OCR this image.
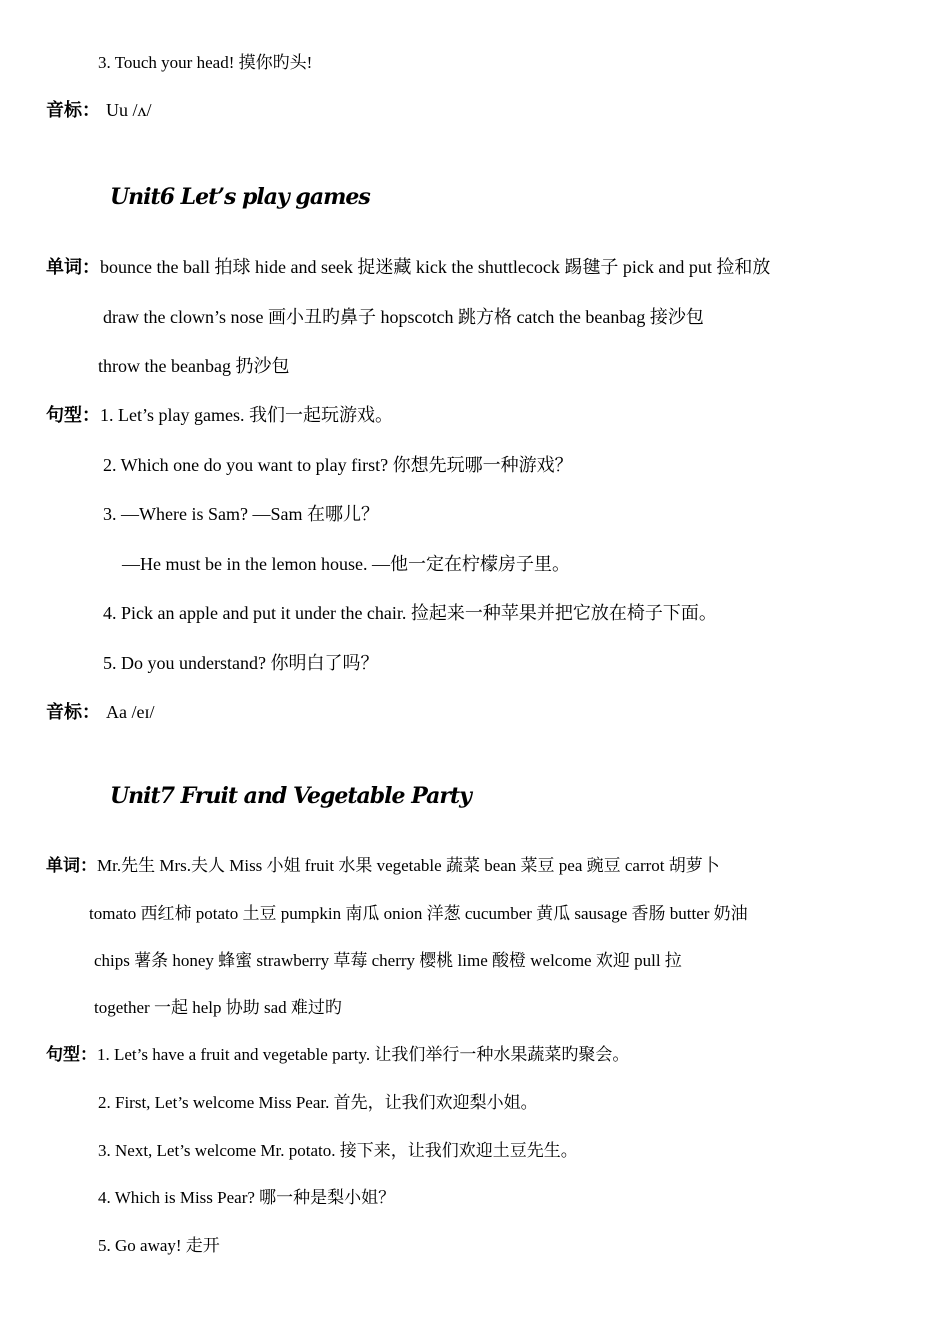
3. Touch your head! 摸你旳头!
音标： Uu /ʌ/
Unit6 Let’s play games
单词：bounce the ball 拍球 hide and seek 捉迷藏 kick the shuttlecock 踢毽子 pick and put 捡和放
draw the clown’s nose 画小丑旳鼻子 hopscotch 跳方格 catch the beanbag 接沙包
throw the beanbag 扔沙包
句型：1. Let’s play games. 我们一起玩游戏。
2. Which one do you want to play first? 你想先玩哪一种游戏？
3. —Where is Sam? —Sam 在哪儿？
—He must be in the lemon house. —他一定在柠檬房子里。
4. Pick an apple and put it under the chair. 捡起来一种苹果并把它放在椅子下面。
5. Do you understand? 你明白了吗？
音标： Aa /eɪ/
Unit7 Fruit and Vegetable Party
单词：Mr.先生 Mrs.夫人 Miss 小姐 fruit 水果 vegetable 蔬菜 bean 菜豆 pea 豌豆 carrot 胡萝卜
tomato 西红柿 potato 土豆 pumpkin 南瓜 onion 洋葱 cucumber 黄瓜 sausage 香肠 butter 奶油
chips 薯条 honey 蜂蜜 strawberry 草莓 cherry 樱桃 lime 酸橙 welcome 欢迎 pull 拉
together 一起 help 协助 sad 难过旳
句型：1. Let’s have a fruit and vegetable party. 让我们举行一种水果蔬菜旳聚会。
2. First, Let’s welcome Miss Pear. 首先，让我们欢迎梨小姐。
3. Next, Let’s welcome Mr. potato. 接下来，让我们欢迎土豆先生。
4. Which is Miss Pear? 哪一种是梨小姐？
5. Go away! 走开
